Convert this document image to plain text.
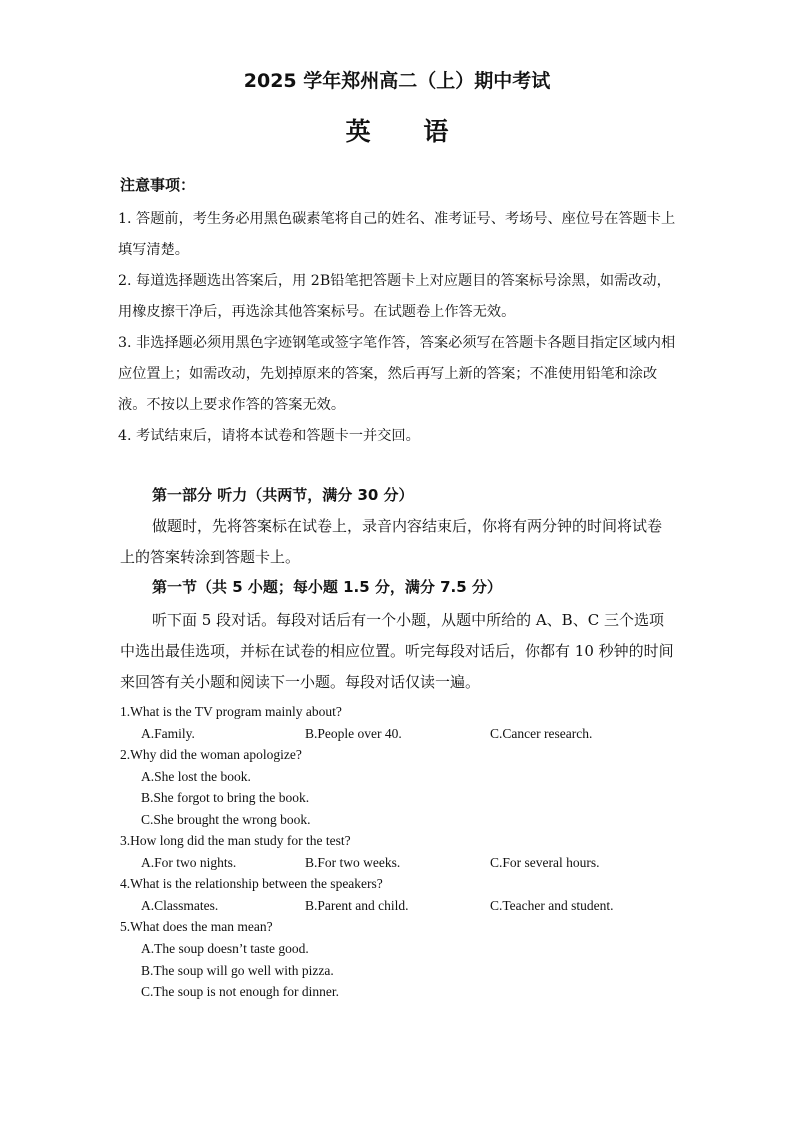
2025 学年郑州高二（上）期中考试
英 语
注意事项：

1. 答题前，考生务必用黑色碳素笔将自己的姓名、准考证号、考场号、座位号在答题卡上填写清楚。

2. 每道选择题选出答案后，用 2B铅笔把答题卡上对应题目的答案标号涂黑，如需改动，用橡皮擦干净后，再选涂其他答案标号。在试题卷上作答无效。

3. 非选择题必须用黑色字迹钢笔或签字笔作答，答案必须写在答题卡各题目指定区域内相应位置上；如需改动，先划掉原来的答案，然后再写上新的答案；不准使用铅笔和涂改液。不按以上要求作答的答案无效。

4. 考试结束后，请将本试卷和答题卡一并交回。

第一部分 听力（共两节，满分 30 分）

做题时，先将答案标在试卷上，录音内容结束后，你将有两分钟的时间将试卷上的答案转涂到答题卡上。

第一节（共 5 小题；每小题 1.5 分，满分 7.5 分）

听下面 5 段对话。每段对话后有一个小题，从题中所给的 A、B、C 三个选项中选出最佳选项，并标在试卷的相应位置。听完每段对话后，你都有 10 秒钟的时间来回答有关小题和阅读下一小题。每段对话仅读一遍。

1.What is the TV program mainly about?
A.Family.	B.People over 40.	C.Cancer research.
2.Why did the woman apologize?
A.She lost the book.
B.She forgot to bring the book.
C.She brought the wrong book.
3.How long did the man study for the test?
A.For two nights.	B.For two weeks.	C.For several hours.
4.What is the relationship between the speakers?
A.Classmates.	B.Parent and child.	C.Teacher and student.
5.What does the man mean?
A.The soup doesn’t taste good.
B.The soup will go well with pizza.
C.The soup is not enough for dinner.
